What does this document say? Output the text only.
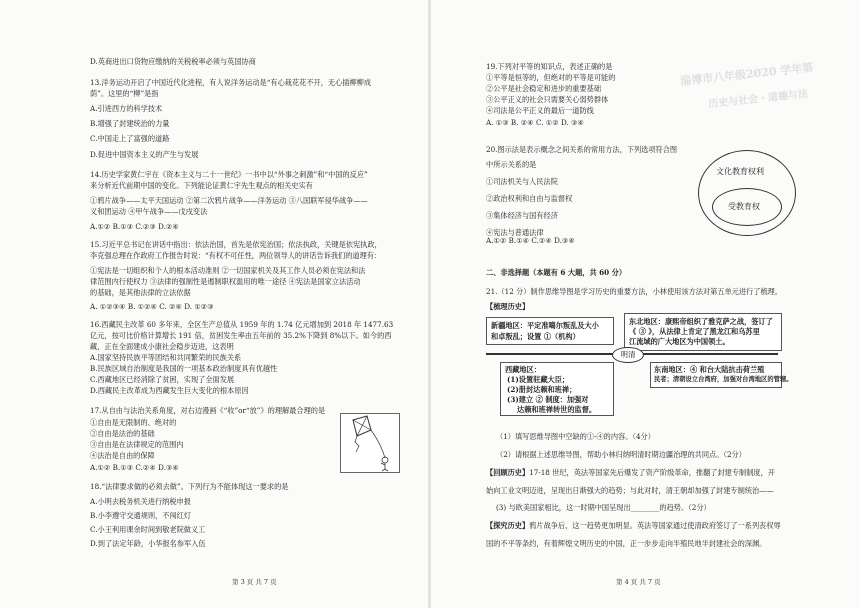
D.英商进出口货物应缴纳的关税税率必须与英国协商
13.洋务运动开启了中国近代化进程，有人说洋务运动是“有心栽花花不开，无心插柳柳成
荫”。这里的“柳”是指
A.引进西方的科学技术
B.增强了封建统治的力量
C.中国走上了富强的道路
D.促进中国资本主义的产生与发展
14.历史学家黄仁宇在《资本主义与二十一世纪》一书中以“外事之刺激”和“中国的反应”
来分析近代前期中国的变化。下列能论证黄仁宇先生观点的相关史实有
①鸦片战争——太平天国运动 ②第二次鸦片战争——洋务运动 ③八国联军侵华战争——
义和团运动 ④甲午战争——戊戌变法
A.①② B.①③ C.②③ D.②④
15.习近平总书记在讲话中指出：依法治国，首先是依宪治国；依法执政，关键是依宪执政，
李克强总理在作政府工作报告时说：“有权不可任性，两位领导人的讲话告诉我们的道理有：
①宪法是一切组织和个人的根本活动准则 ②一切国家机关及其工作人员必须在宪法和法
律范围内行使权力 ③法律的强制性是遏制职权滥用的唯一途径 ④宪法是国家立法活动
的基础，是其他法律的立法依据
A. ①②③④ B. ①②④ C. ②④ D. ①②③
16.西藏民主改革 60 多年来，全区生产总值从 1959 年的 1.74 亿元增加到 2018 年 1477.63
亿元，按可比价格计算增长 191 倍，贫困发生率由五年前的 35.2%下降到 8%以下。如今的西
藏，正在全面建成小康社会稳步迈进，这表明
A.国家坚持民族平等团结和共同繁荣的民族关系
B.民族区域自治制度是我国的一项基本政治制度具有优越性
C.西藏地区已经消除了贫困，实现了全面发展
D.西藏民主改革成为西藏发生巨大变化的根本原因
17.从自由与法治关系角度，对右边漫画《“收”or“放”》的理解最合理的是
①自由是无限制的、绝对的
②自由是法治的基础
③自由是在法律规定的范围内
④法治是自由的保障
A.①② B.①③ C.②④ D.③④
18.“法律要求做的必须去做”。下列行为不能体现这一要求的是
A.小明去税务机关进行纳税申报
B.小李遵守交通规则，不闯红灯
C.小王利用课余时间到敬老院做义工
D.到了法定年龄，小华报名参军入伍
第 3 页 共 7 页
淄博市八年级2020 学年第
历史与社会・道德与法
19.下列对平等的知识点，表述正确的是
①平等是恒等的，但绝对的平等是可能的
②公平是社会稳定和进步的重要基础
③公平正义的社会只需要关心弱势群体
④司法是公平正义的最后一道防线
A. ①③ B. ②④ C. ①② D. ③④
20.图示法是表示概念之间关系的常用方法，下列选项符合图
中所示关系的是
①司法机关与人民法院
②政治权利和自由与监督权
③集体经济与国有经济
④宪法与普通法律
A.①② B.①④ C.②④ D.③④
文化教育权利
受教育权
二、非选择题（本题有 6 大题，共 60 分）
21.（12 分）制作思维导图是学习历史的重要方法，小林使用该方法对第五单元进行了梳理。
【梳理历史】
新疆地区：平定准噶尔叛乱及大小
和卓叛乱；设置 ①（机构）
东北地区：康熙帝组织了雅克萨之战，签订了
《 ③ 》，从法律上肯定了黑龙江和乌苏里
江流域的广大地区为中国领土。
明清
西藏地区：
(1)设置驻藏大臣；
(2)册封达赖和班禅；
(3)建立 ② 制度：加强对
达赖和班禅转世的监督。
东南地区：④ 和台大陆抗击荷兰殖
民者；清朝设立台湾府，加强对台湾地区的管辖。
（1）填写思维导图中空缺的①-④的内容。（4分）
（2）请根据上述思维导图，帮助小林归纳明清时期边疆治理的共同点。（2分）
【回顾历史】17-18 世纪，英法等国家先后爆发了资产阶级革命，推翻了封建专制制度，开
始向工业文明迈进，呈现出日渐强大的趋势；与此对时，清王朝却加强了封建专制统治——
(3) 与欧美国家相比，这一时期中国呈现出________的趋势。（2分）
【探究历史】鸦片战争后，这一趋势更加明显。英法等国家通过使清政府签订了一系列丧权辱
国的不平等条约，有着辉煌文明历史的中国，正一步步走向半殖民地半封建社会的深渊。
第 4 页 共 7 页
